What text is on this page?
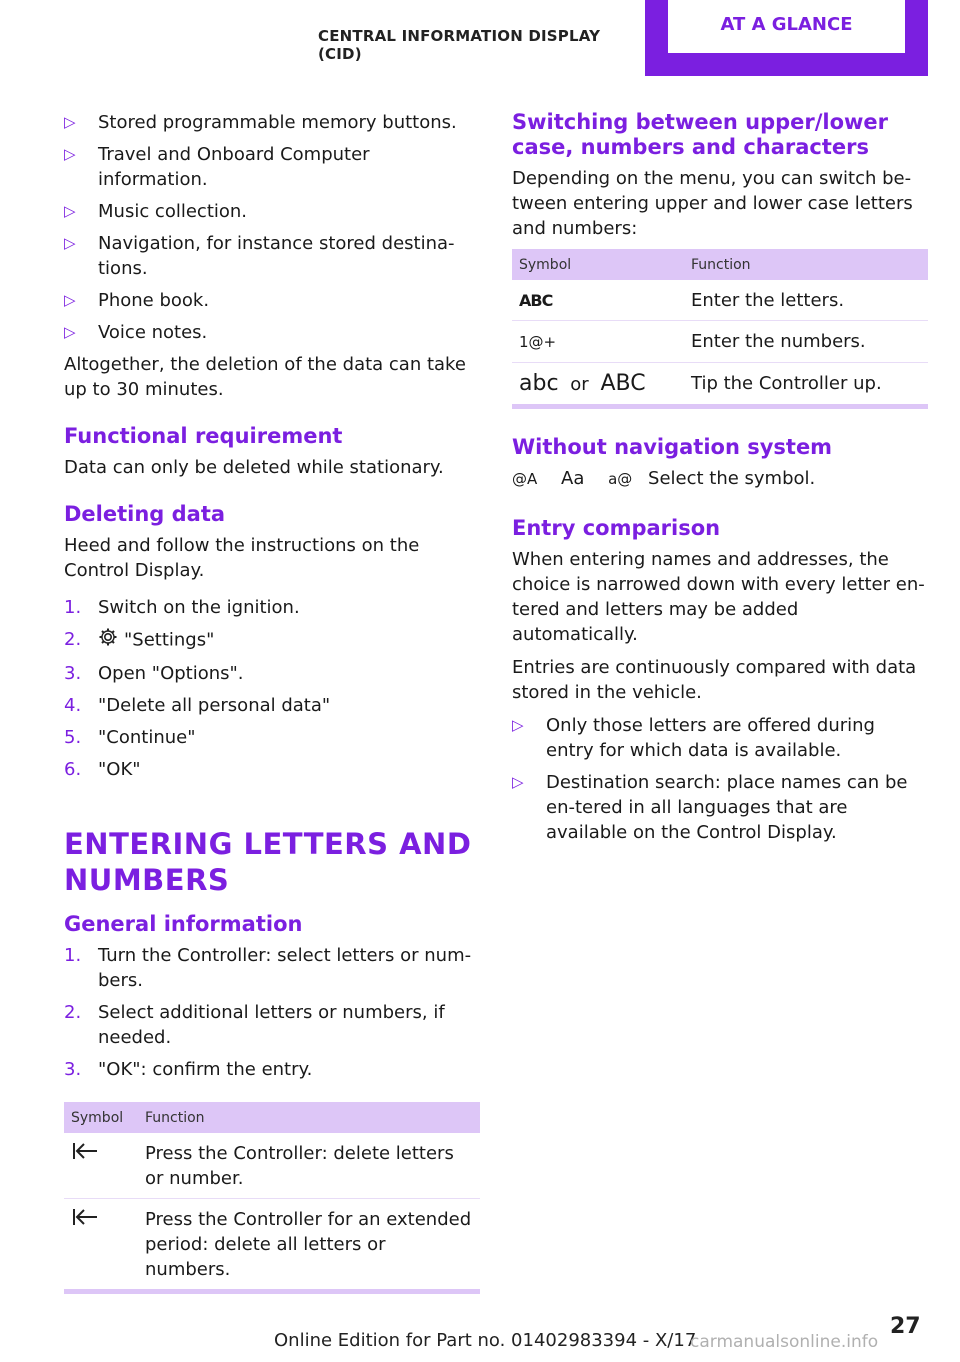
CENTRAL INFORMATION DISPLAY (CID)
AT A GLANCE
▷ Stored programmable memory buttons.
▷ Travel and Onboard Computer information.
▷ Music collection.
▷ Navigation, for instance stored destina-tions.
▷ Phone book.
▷ Voice notes.

Altogether, the deletion of the data can take up to 30 minutes.

Functional requirement

Data can only be deleted while stationary.

Deleting data

Heed and follow the instructions on the Control Display.

1. Switch on the ignition.
2. "Settings"
3. Open "Options".
4. "Delete all personal data"
5. "Continue"
6. "OK"
ENTERING LETTERS AND NUMBERS
General information
1. Turn the Controller: select letters or num-bers.
2. Select additional letters or numbers, if needed.
3. "OK": confirm the entry.
Symbol	Function
	Press the Controller: delete letters or number.
	Press the Controller for an extended period: delete all letters or numbers.
Switching between upper/lower case, numbers and characters

Depending on the menu, you can switch be-tween entering upper and lower case letters and numbers:

Symbol	Function
ABC	Enter the letters.
1@+	Enter the numbers.
abc or ABC	Tip the Controller up.
Without navigation system

@A Aa a@ Select the symbol.

Entry comparison

When entering names and addresses, the choice is narrowed down with every letter en-tered and letters may be added automatically.

Entries are continuously compared with data stored in the vehicle.

▷ Only those letters are offered during entry for which data is available.
▷ Destination search: place names can be en-tered in all languages that are available on the Control Display.
27
Online Edition for Part no. 01402983394 - X/17
carmanualsonline.info
